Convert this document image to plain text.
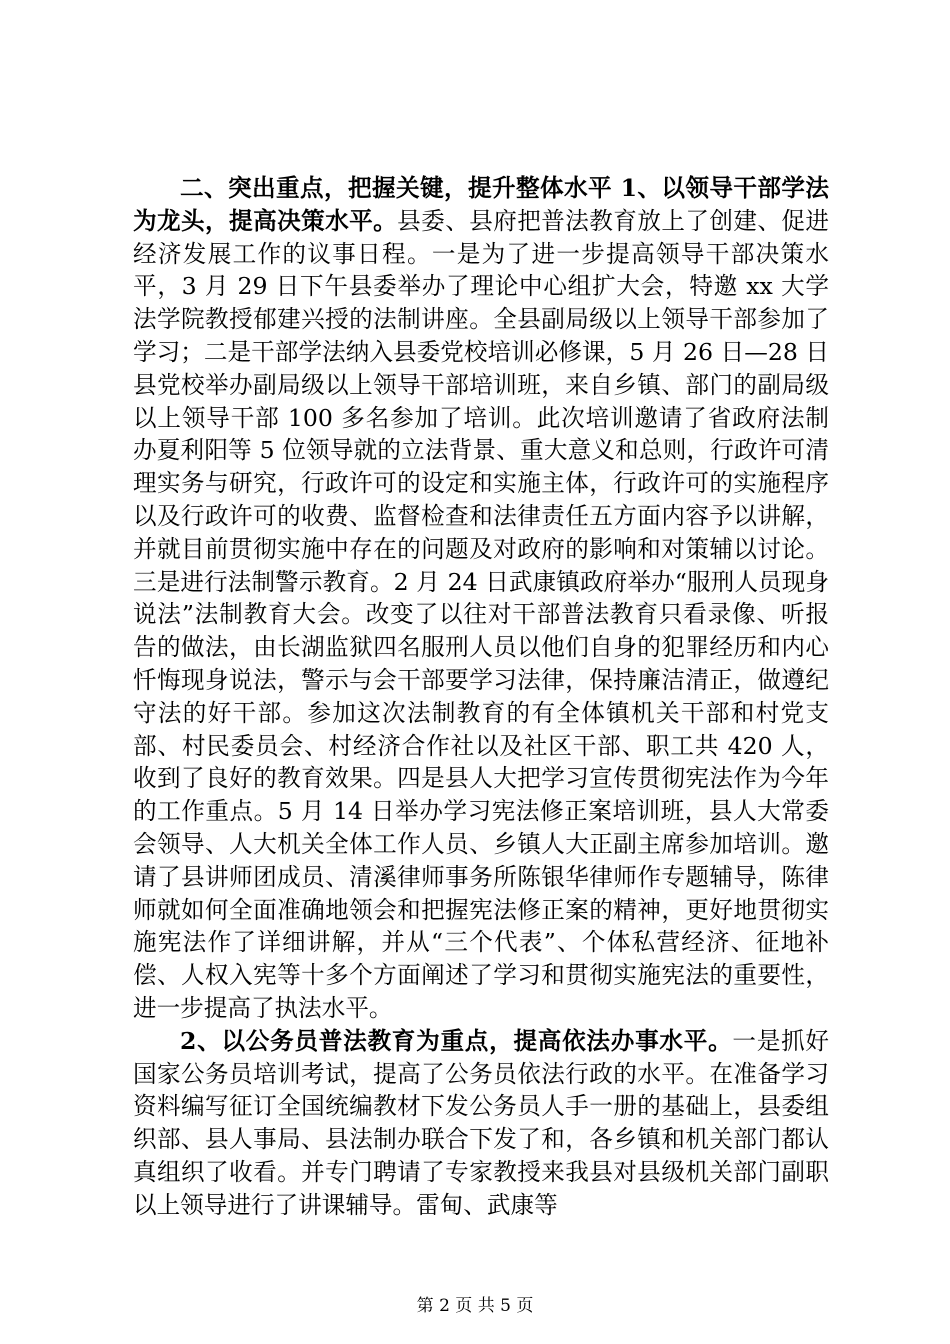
二、突出重点，把握关键，提升整体水平 1、以领导干部学法为龙头，提高决策水平。县委、县府把普法教育放上了创建、促进经济发展工作的议事日程。一是为了进一步提高领导干部决策水平，3 月 29 日下午县委举办了理论中心组扩大会，特邀 xx 大学法学院教授郁建兴授的法制讲座。全县副局级以上领导干部参加了学习；二是干部学法纳入县委党校培训必修课，5 月 26 日—28 日县党校举办副局级以上领导干部培训班，来自乡镇、部门的副局级以上领导干部 100 多名参加了培训。此次培训邀请了省政府法制办夏利阳等 5 位领导就的立法背景、重大意义和总则，行政许可清理实务与研究，行政许可的设定和实施主体，行政许可的实施程序以及行政许可的收费、监督检查和法律责任五方面内容予以讲解，并就目前贯彻实施中存在的问题及对政府的影响和对策辅以讨论。三是进行法制警示教育。2 月 24 日武康镇政府举办“服刑人员现身说法”法制教育大会。改变了以往对干部普法教育只看录像、听报告的做法，由长湖监狱四名服刑人员以他们自身的犯罪经历和内心忏悔现身说法，警示与会干部要学习法律，保持廉洁清正，做遵纪守法的好干部。参加这次法制教育的有全体镇机关干部和村党支部、村民委员会、村经济合作社以及社区干部、职工共 420 人，收到了良好的教育效果。四是县人大把学习宣传贯彻宪法作为今年的工作重点。5 月 14 日举办学习宪法修正案培训班，县人大常委会领导、人大机关全体工作人员、乡镇人大正副主席参加培训。邀请了县讲师团成员、清溪律师事务所陈银华律师作专题辅导，陈律师就如何全面准确地领会和把握宪法修正案的精神，更好地贯彻实施宪法作了详细讲解，并从“三个代表”、个体私营经济、征地补偿、人权入宪等十多个方面阐述了学习和贯彻实施宪法的重要性，进一步提高了执法水平。

2、以公务员普法教育为重点，提高依法办事水平。一是抓好国家公务员培训考试，提高了公务员依法行政的水平。在准备学习资料编写征订全国统编教材下发公务员人手一册的基础上，县委组织部、县人事局、县法制办联合下发了和，各乡镇和机关部门都认真组织了收看。并专门聘请了专家教授来我县对县级机关部门副职以上领导进行了讲课辅导。雷甸、武康等

第 2 页 共 5 页
